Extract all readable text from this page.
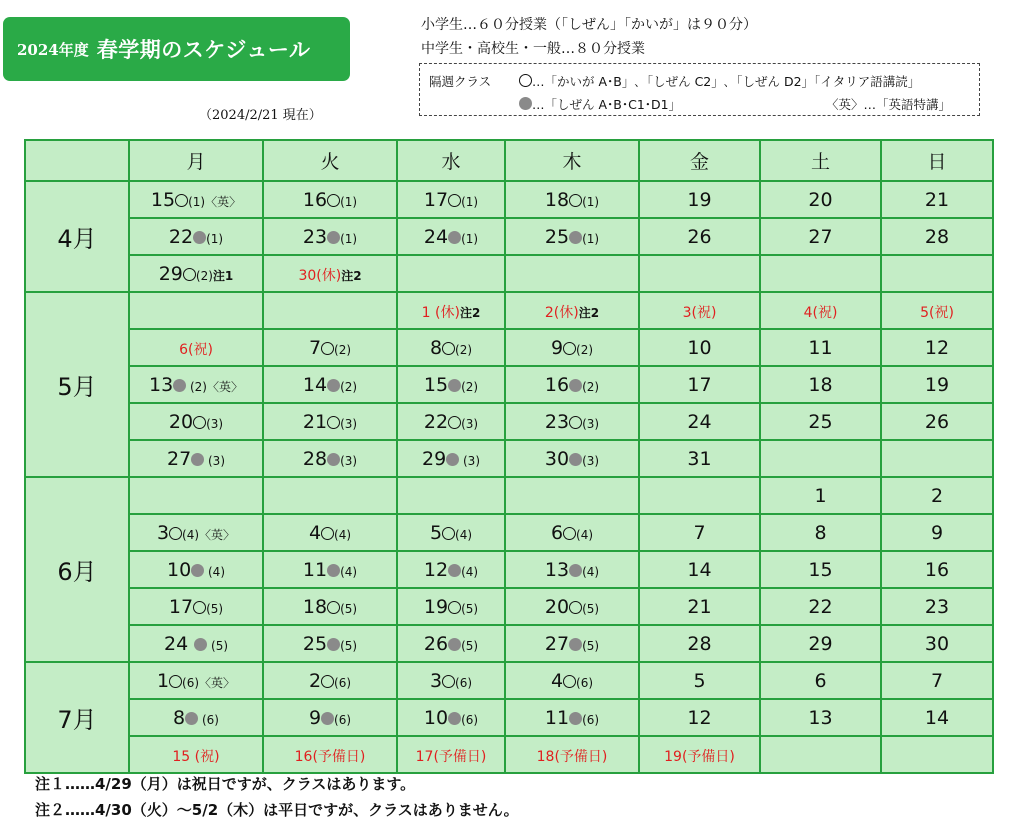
2024年度 春学期のスケジュール
（2024/2/21 現在）
小学生…６０分授業（「しぜん」「かいが」は９０分）
中学生・高校生・一般…８０分授業
隔週クラス	…「かいが A･B」､「しぜん C2」､「しぜん D2」「イタリア語講読」
…「しぜん A･B･C1･D1」	〈英〉…「英語特講」
	月	火	水	木	金	土	日
4月	15 (1)〈英〉	16 (1)	17 (1)	18 (1)	19	20	21
	22 (1)	23 (1)	24 (1)	25 (1)	26	27	28
	29 (2)注1	30(休)注2					
5月			1 (休)注2	2(休)注2	3(祝)	4(祝)	5(祝)
	6(祝)	7 (2)	8 (2)	9 (2)	10	11	12
	13 (2)〈英〉	14 (2)	15 (2)	16 (2)	17	18	19
	20 (3)	21 (3)	22 (3)	23 (3)	24	25	26
	27 (3)	28 (3)	29 (3)	30 (3)	31		
6月						1	2
	3 (4)〈英〉	4 (4)	5 (4)	6 (4)	7	8	9
	10 (4)	11 (4)	12 (4)	13 (4)	14	15	16
	17 (5)	18 (5)	19 (5)	20 (5)	21	22	23
	24  (5)	25 (5)	26 (5)	27 (5)	28	29	30
7月	1 (6)〈英〉	2 (6)	3 (6)	4 (6)	5	6	7
	8 (6)	9 (6)	10 (6)	11 (6)	12	13	14
	15 (祝)	16(予備日)	17(予備日)	18(予備日)	19(予備日)		
注１……4/29（月）は祝日ですが、クラスはあります。
注２……4/30（火）～5/2（木）は平日ですが、クラスはありません。
